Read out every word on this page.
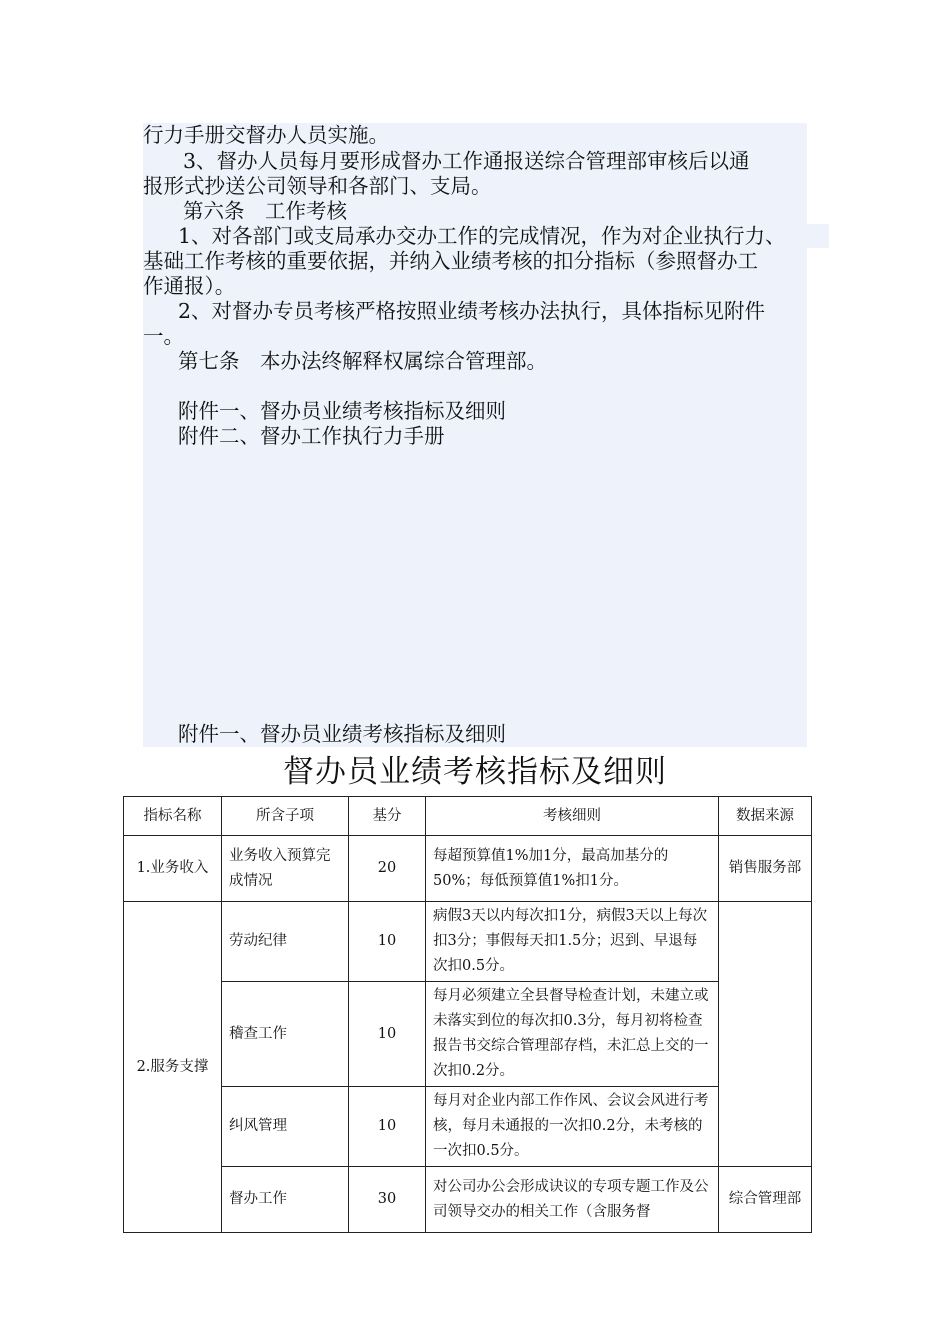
行力手册交督办人员实施。
3、督办人员每月要形成督办工作通报送综合管理部审核后以通
报形式抄送公司领导和各部门、支局。
第六条　工作考核
1、对各部门或支局承办交办工作的完成情况，作为对企业执行力、
基础工作考核的重要依据，并纳入业绩考核的扣分指标（参照督办工
作通报）。
2、对督办专员考核严格按照业绩考核办法执行，具体指标见附件
一。
第七条　本办法终解释权属综合管理部。
附件一、督办员业绩考核指标及细则
附件二、督办工作执行力手册
附件一、督办员业绩考核指标及细则
督办员业绩考核指标及细则
指标名称	所含子项	基分	考核细则	数据来源
1.业务收入	业务收入预算完成情况	20	每超预算值1%加1分，最高加基分的50%；每低预算值1%扣1分。	销售服务部
2.服务支撑	劳动纪律	10	病假3天以内每次扣1分，病假3天以上每次扣3分；事假每天扣1.5分；迟到、早退每次扣0.5分。	
	稽查工作	10	每月必须建立全县督导检查计划，未建立或未落实到位的每次扣0.3分，每月初将检查报告书交综合管理部存档，未汇总上交的一次扣0.2分。	
	纠风管理	10	每月对企业内部工作作风、会议会风进行考核，每月未通报的一次扣0.2分，未考核的一次扣0.5分。	
	督办工作	30	对公司办公会形成诀议的专项专题工作及公司领导交办的相关工作（含服务督	综合管理部
